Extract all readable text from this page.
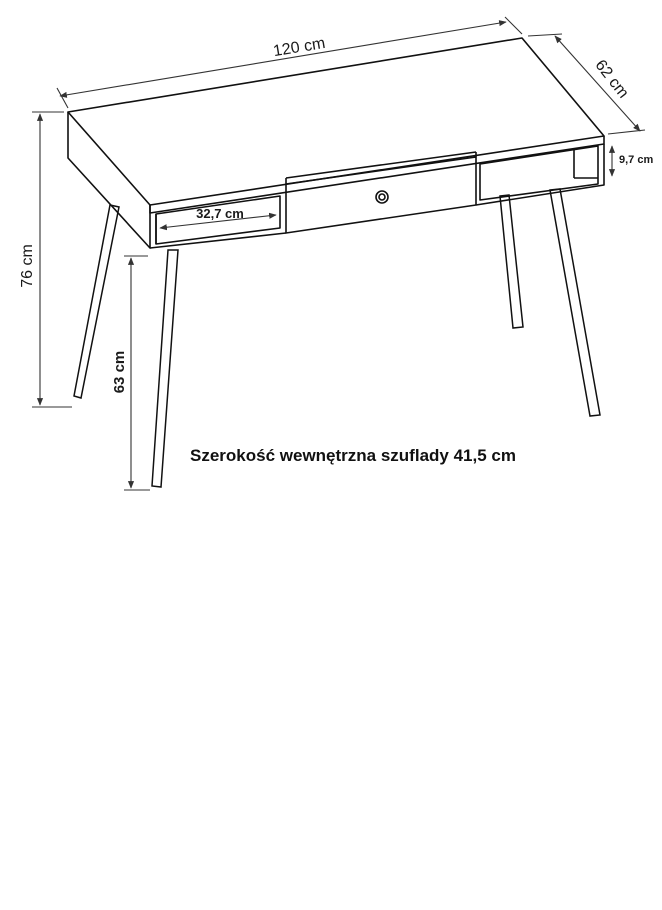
120 cm
62 cm
76 cm
63 cm
32,7 cm
9,7 cm
Szerokość wewnętrzna szuflady 41,5 cm
